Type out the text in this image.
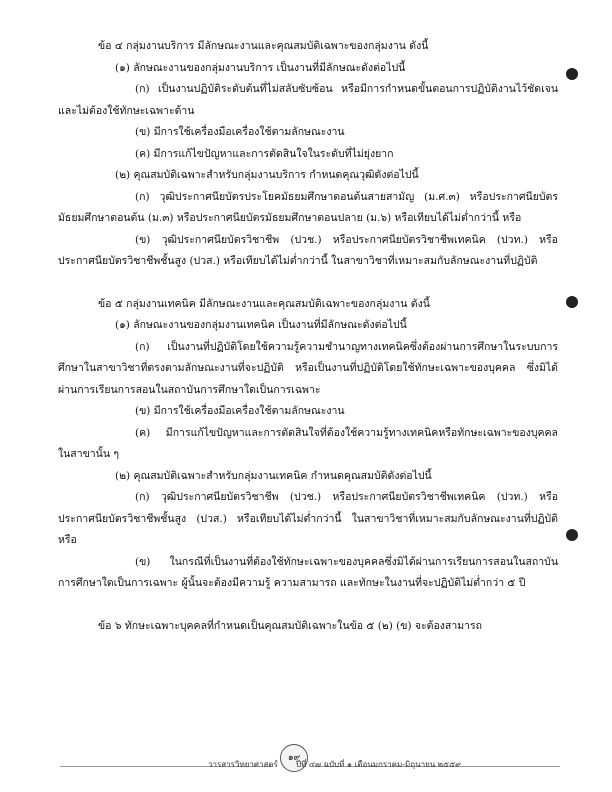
ข้อ ๔ กลุ่มงานบริการ มีลักษณะงานและคุณสมบัติเฉพาะของกลุ่มงาน ดังนี้

(๑) ลักษณะงานของกลุ่มงานบริการ เป็นงานที่มีลักษณะดังต่อไปนี้

(ก) เป็นงานปฏิบัติระดับต้นที่ไม่สลับซับซ้อน หรือมีการกำหนดขั้นตอนการปฏิบัติงานไว้ชัดเจนและไม่ต้องใช้ทักษะเฉพาะด้าน

(ข) มีการใช้เครื่องมือเครื่องใช้ตามลักษณะงาน

(ค) มีการแก้ไขปัญหาและการตัดสินใจในระดับที่ไม่ยุ่งยาก

(๒) คุณสมบัติเฉพาะสำหรับกลุ่มงานบริการ กำหนดคุณวุฒิดังต่อไปนี้

(ก) วุฒิประกาศนียบัตรประโยคมัธยมศึกษาตอนต้นสายสามัญ (ม.ศ.๓) หรือประกาศนียบัตรมัธยมศึกษาตอนต้น (ม.๓) หรือประกาศนียบัตรมัธยมศึกษาตอนปลาย (ม.๖) หรือเทียบได้ไม่ต่ำกว่านี้ หรือ

(ข) วุฒิประกาศนียบัตรวิชาชีพ (ปวช.) หรือประกาศนียบัตรวิชาชีพเทคนิค (ปวท.) หรือประกาศนียบัตรวิชาชีพชั้นสูง (ปวส.) หรือเทียบได้ไม่ต่ำกว่านี้ ในสาขาวิชาที่เหมาะสมกับลักษณะงานที่ปฏิบัติ

ข้อ ๕ กลุ่มงานเทคนิค มีลักษณะงานและคุณสมบัติเฉพาะของกลุ่มงาน ดังนี้

(๑) ลักษณะงานของกลุ่มงานเทคนิค เป็นงานที่มีลักษณะดังต่อไปนี้

(ก) เป็นงานที่ปฏิบัติโดยใช้ความรู้ความชำนาญทางเทคนิคซึ่งต้องผ่านการศึกษาในระบบการศึกษาในสาขาวิชาที่ตรงตามลักษณะงานที่จะปฏิบัติ หรือเป็นงานที่ปฏิบัติโดยใช้ทักษะเฉพาะของบุคคล ซึ่งมิได้ผ่านการเรียนการสอนในสถาบันการศึกษาใดเป็นการเฉพาะ

(ข) มีการใช้เครื่องมือเครื่องใช้ตามลักษณะงาน

(ค) มีการแก้ไขปัญหาและการตัดสินใจที่ต้องใช้ความรู้ทางเทคนิคหรือทักษะเฉพาะของบุคคลในสาขานั้น ๆ

(๒) คุณสมบัติเฉพาะสำหรับกลุ่มงานเทคนิค กำหนดคุณสมบัติดังต่อไปนี้

(ก) วุฒิประกาศนียบัตรวิชาชีพ (ปวช.) หรือประกาศนียบัตรวิชาชีพเทคนิค (ปวท.) หรือประกาศนียบัตรวิชาชีพชั้นสูง (ปวส.) หรือเทียบได้ไม่ต่ำกว่านี้ ในสาขาวิชาที่เหมาะสมกับลักษณะงานที่ปฏิบัติ หรือ

(ข) ในกรณีที่เป็นงานที่ต้องใช้ทักษะเฉพาะของบุคคลซึ่งมิได้ผ่านการเรียนการสอนในสถาบันการศึกษาใดเป็นการเฉพาะ ผู้นั้นจะต้องมีความรู้ ความสามารถ และทักษะในงานที่จะปฏิบัติไม่ต่ำกว่า ๕ ปี

ข้อ ๖ ทักษะเฉพาะบุคคลที่กำหนดเป็นคุณสมบัติเฉพาะในข้อ ๕ (๒) (ข) จะต้องสามารถ

วารสารวิทยาศาสตร์
๑๙
ปีที่ ๔๗ ฉบับที่ ๑ เดือนมกราคม-มิถุนายน ๒๕๕๙
